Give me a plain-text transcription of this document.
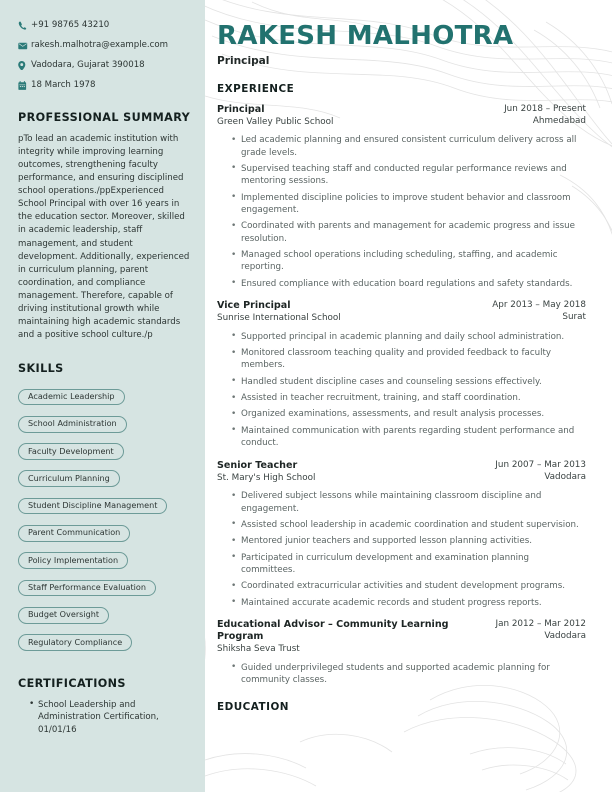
+91 98765 43210
rakesh.malhotra@example.com
Vadodara, Gujarat 390018
18 March 1978
PROFESSIONAL SUMMARY

pTo lead an academic institution with integrity while improving learning outcomes, strengthening faculty performance, and ensuring disciplined school operations./ppExperienced School Principal with over 16 years in the education sector. Moreover, skilled in academic leadership, staff management, and student development. Additionally, experienced in curriculum planning, parent coordination, and compliance management. Therefore, capable of driving institutional growth while maintaining high academic standards and a positive school culture./p

SKILLS
Academic Leadership
School Administration
Faculty Development
Curriculum Planning
Student Discipline Management
Parent Communication
Policy Implementation
Staff Performance Evaluation
Budget Oversight
Regulatory Compliance
CERTIFICATIONS
• School Leadership and Administration Certification, 01/01/16
RAKESH MALHOTRA
Principal
EXPERIENCE
Principal
Green Valley Public School
Jun 2018 – Present
Ahmedabad
• Led academic planning and ensured consistent curriculum delivery across all grade levels.
• Supervised teaching staff and conducted regular performance reviews and mentoring sessions.
• Implemented discipline policies to improve student behavior and classroom engagement.
• Coordinated with parents and management for academic progress and issue resolution.
• Managed school operations including scheduling, staffing, and academic reporting.
• Ensured compliance with education board regulations and safety standards.
Vice Principal
Sunrise International School
Apr 2013 – May 2018
Surat
• Supported principal in academic planning and daily school administration.
• Monitored classroom teaching quality and provided feedback to faculty members.
• Handled student discipline cases and counseling sessions effectively.
• Assisted in teacher recruitment, training, and staff coordination.
• Organized examinations, assessments, and result analysis processes.
• Maintained communication with parents regarding student performance and conduct.
Senior Teacher
St. Mary's High School
Jun 2007 – Mar 2013
Vadodara
• Delivered subject lessons while maintaining classroom discipline and engagement.
• Assisted school leadership in academic coordination and student supervision.
• Mentored junior teachers and supported lesson planning activities.
• Participated in curriculum development and examination planning committees.
• Coordinated extracurricular activities and student development programs.
• Maintained accurate academic records and student progress reports.
Educational Advisor – Community Learning Program
Shiksha Seva Trust
Jan 2012 – Mar 2012
Vadodara
• Guided underprivileged students and supported academic planning for community classes.
EDUCATION
